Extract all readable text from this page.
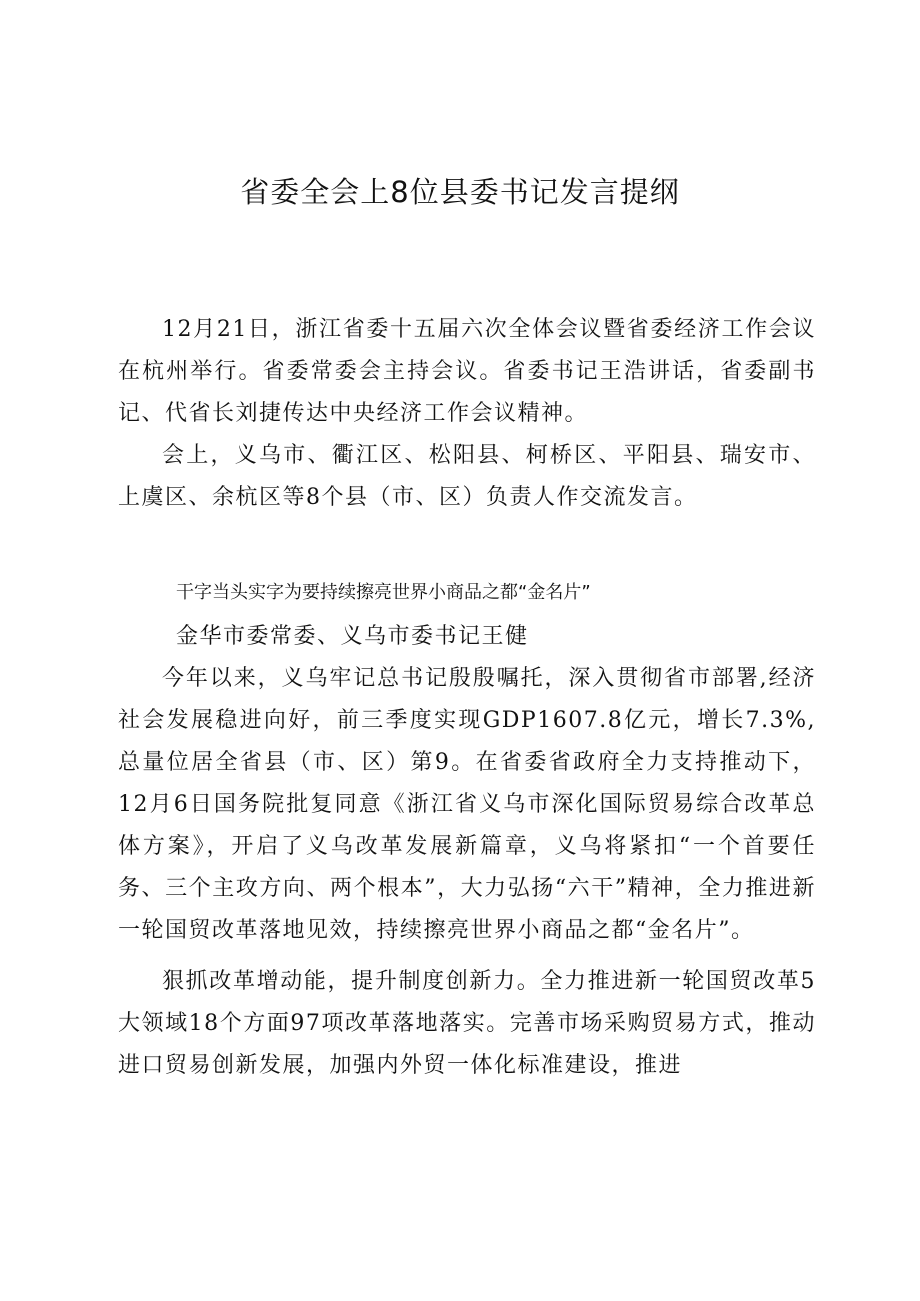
省委全会上8位县委书记发言提纲

12月21日，浙江省委十五届六次全体会议暨省委经济工作会议在杭州举行。省委常委会主持会议。省委书记王浩讲话，省委副书记、代省长刘捷传达中央经济工作会议精神。

会上，义乌市、衢江区、松阳县、柯桥区、平阳县、瑞安市、上虞区、余杭区等8个县（市、区）负责人作交流发言。

干字当头实字为要持续擦亮世界小商品之都“金名片”
金华市委常委、义乌市委书记王健

今年以来，义乌牢记总书记殷殷嘱托，深入贯彻省市部署,经济社会发展稳进向好，前三季度实现GDP1607.8亿元，增长7.3%,总量位居全省县（市、区）第9。在省委省政府全力支持推动下，12月6日国务院批复同意《浙江省义乌市深化国际贸易综合改革总体方案》，开启了义乌改革发展新篇章，义乌将紧扣“一个首要任务、三个主攻方向、两个根本”，大力弘扬“六干”精神，全力推进新一轮国贸改革落地见效，持续擦亮世界小商品之都“金名片”。

狠抓改革增动能，提升制度创新力。全力推进新一轮国贸改革5大领域18个方面97项改革落地落实。完善市场采购贸易方式，推动进口贸易创新发展，加强内外贸一体化标准建设，推进
